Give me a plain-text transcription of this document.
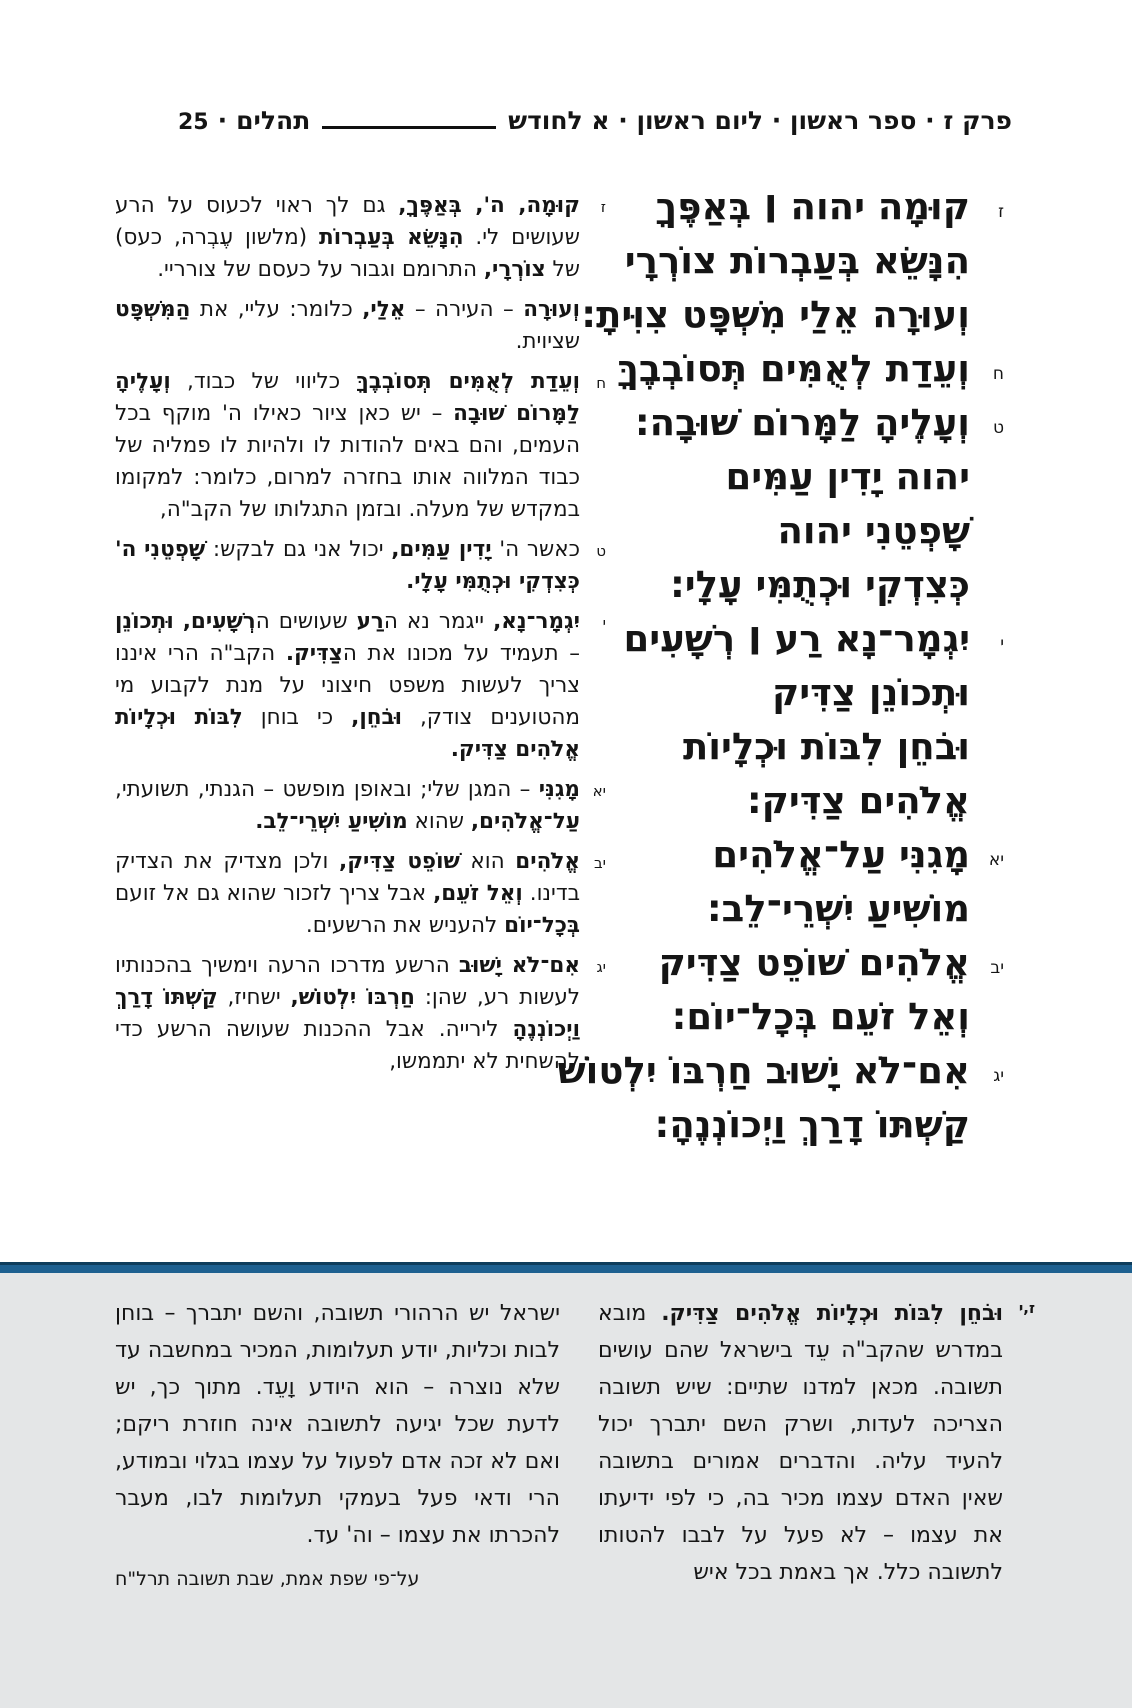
פרק ז · ספר ראשון · ליום ראשון · א לחודש
תהלים
·
25
ז
קוּמָה יהוה ׀ בְּאַפֶּךָ
הִנָּשֵׂא בְּעַבְרוֹת צוֹרְרָי
וְעוּרָה אֵלַי מִשְׁפָּט צִוִּיתָ:
ח
וְעֵדַת לְאֻמִּים תְּסוֹבְבֶךָּ
ט
וְעָלֶיהָ לַמָּרוֹם שׁוּבָה:
יהוה יָדִין עַמִּים
שָׁפְטֵנִי יהוה
כְּצִדְקִי וּכְתֻמִּי עָלָי:
י
יִגְמָר־נָא רַע ׀ רְשָׁעִים
וּתְכוֹנֵן צַדִּיק
וּבֹחֵן לִבּוֹת וּכְלָיוֹת
אֱלֹהִים צַדִּיק:
יא
מָגִנִּי עַל־אֱלֹהִים
מוֹשִׁיעַ יִשְׁרֵי־לֵב:
יב
אֱלֹהִים שׁוֹפֵט צַדִּיק
וְאֵל זֹעֵם בְּכָל־יוֹם:
יג
אִם־לֹא יָשׁוּב חַרְבּוֹ יִלְטוֹשׁ
קַשְׁתּוֹ דָרַךְ וַיְכוֹנְנֶהָ:

ז
קוּמָה, ה', בְּאַפֶּךָ, גם לך ראוי לכעוס על הרע שעושים לי. הִנָּשֵׂא בְּעַבְרוֹת (מלשון עֶבְרה, כעס) של צוֹרְרָי, התרומם וגבור על כעסם של צורריי.

וְעוּרָה – העירה – אֵלַי, כלומר: עליי, את הַמִּשְׁפָּט שציוית.

ח
וְעֵדַת לְאֻמִּים תְּסוֹבְבֶךָּ כליווי של כבוד, וְעָלֶיהָ לַמָּרוֹם שׁוּבָה – יש כאן ציור כאילו ה' מוקף בכל העמים, והם באים להודות לו ולהיות לו פמליה של כבוד המלווה אותו בחזרה למרום, כלומר: למקומו במקדש של מעלה. ובזמן התגלותו של הקב"ה,

ט
כאשר ה' יָדִין עַמִּים, יכול אני גם לבקש: שָׁפְטֵנִי ה' כְּצִדְקִי וּכְתֻמִּי עָלָי.

י
יִגְמָר־נָא, ייגמר נא הרַע שעושים הרְשָׁעִים, וּתְכוֹנֵן – תעמיד על מכונו את הצַדִּיק. הקב"ה הרי איננו צריך לעשות משפט חיצוני על מנת לקבוע מי מהטוענים צודק, וּבֹחֵן, כי בוחן לִבּוֹת וּכְלָיוֹת אֱלֹהִים צַדִּיק.

יא
מָגִנִּי – המגן שלי; ובאופן מופשט – הגנתי, תשועתי, עַל־אֱלֹהִים, שהוא מוֹשִׁיעַ יִשְׁרֵי־לֵב.

יב
אֱלֹהִים הוא שׁוֹפֵט צַדִּיק, ולכן מצדיק את הצדיק בדינו. וְאֵל זֹעֵם, אבל צריך לזכור שהוא גם אל זועם בְּכָל־יוֹם להעניש את הרשעים.

יג
אִם־לֹא יָשׁוּב הרשע מדרכו הרעה וימשיך בהכנותיו לעשות רע, שהן: חַרְבּוֹ יִלְטוֹשׁ, ישחיז, קַשְׁתּוֹ דָרַךְ וַיְכוֹנְנֶהָ לירייה. אבל ההכנות שעושה הרשע כדי להשחית לא יתממשו,

ז,י

וּבֹחֵן לִבּוֹת וּכְלָיוֹת אֱלֹהִים צַדִּיק. מובא במדרש שהקב"ה עֵד בישראל שהם עושים תשובה. מכאן למדנו שתיים: שיש תשובה הצריכה לעדות, ושרק השם יתברך יכול להעיד עליה. והדברים אמורים בתשובה שאין האדם עצמו מכיר בה, כי לפי ידיעתו את עצמו – לא פעל על לבבו להטותו לתשובה כלל. אך באמת בכל איש

ישראל יש הרהורי תשובה, והשם יתברך – בוחן לבות וכליות, יודע תעלומות, המכיר במחשבה עד שלא נוצרה – הוא היודע וָעֵד. מתוך כך, יש לדעת שכל יגיעה לתשובה אינה חוזרת ריקם; ואם לא זכה אדם לפעול על עצמו בגלוי ובמודע, הרי ודאי פעל בעמקי תעלומות לבו, מעבר להכרתו את עצמו – וה' עד.

על־פי שפת אמת, שבת תשובה תרל"ח
